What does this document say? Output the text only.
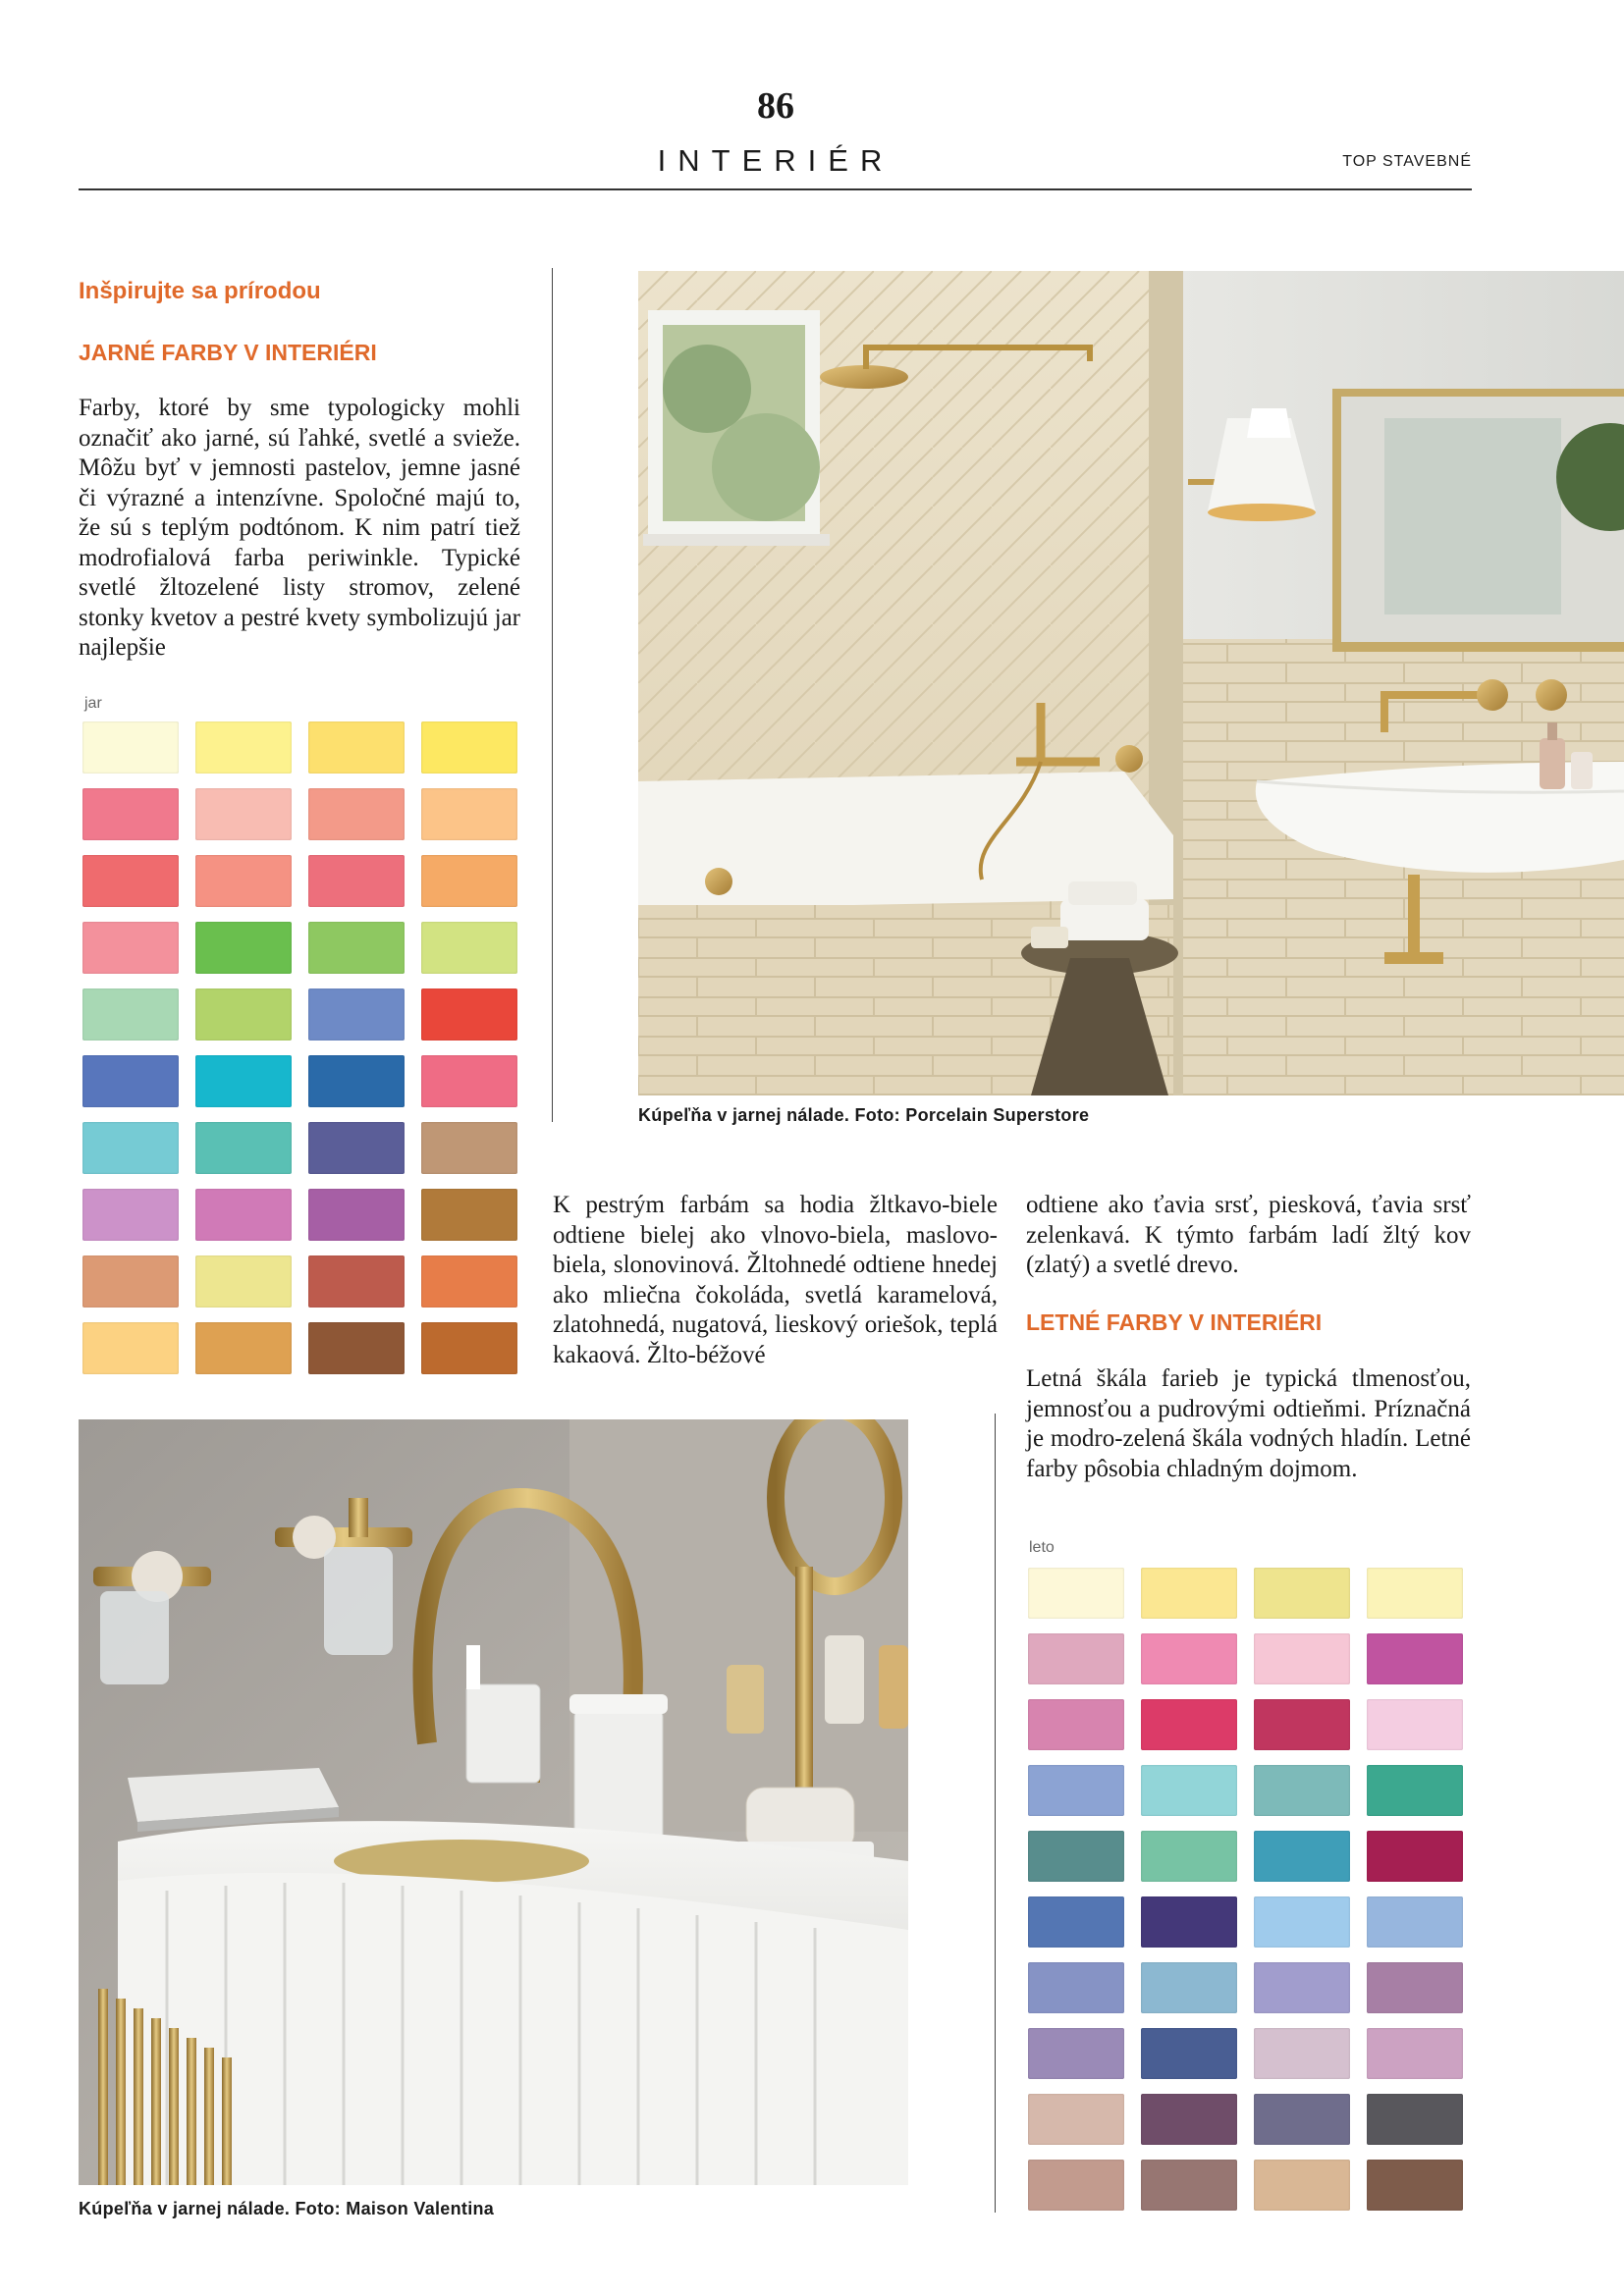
86
INTERIÉR	TOP STAVEBNÉ
Inšpirujte sa prírodou
JARNÉ FARBY V INTERIÉRI
Farby, ktoré by sme typologicky mohli označiť ako jarné, sú ľahké, svetlé a svieže. Môžu byť v jemnosti pastelov, jemne jasné či výrazné a intenzívne. Spoločné majú to, že sú s teplým podtónom. K nim patrí tiež modrofialová farba periwinkle. Typické svetlé žltozelené listy stromov, zelené stonky kvetov a pestré kvety symbolizujú jar najlepšie
jar
Kúpeľňa v jarnej nálade. Foto: Porcelain Superstore
K pestrým farbám sa hodia žltkavo-biele odtiene bielej ako vlnovo-biela, maslovo-biela, slonovinová. Žltohnedé odtiene hnedej ako mliečna čokoláda, svetlá karamelová, zlatohnedá, nugatová, lieskový oriešok, teplá kakaová. Žlto-béžové
odtiene ako ťavia srsť, piesková, ťavia srsť zelenkavá. K týmto farbám ladí žltý kov (zlatý) a svetlé drevo.
LETNÉ FARBY V INTERIÉRI
Letná škála farieb je typická tlmenosťou, jemnosťou a pudrovými odtieňmi. Príznačná je modro-zelená škála vodných hladín. Letné farby pôsobia chladným dojmom.
leto
Kúpeľňa v jarnej nálade. Foto: Maison Valentina
